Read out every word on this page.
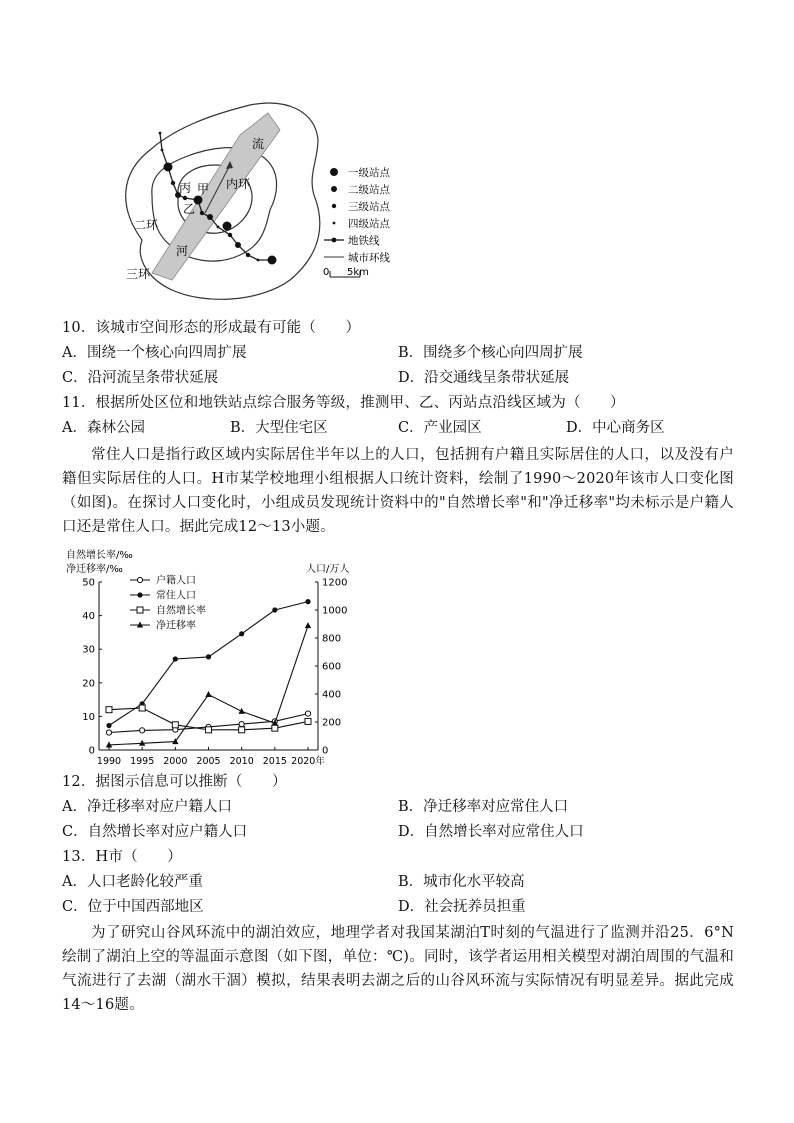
流
河
内环
二环
三环
甲
乙
丙
一级站点
二级站点
三级站点
四级站点
地铁线
城市环线
0 5km
10．该城市空间形态的形成最有可能（　　）
A．围绕一个核心向四周扩展	B．围绕多个核心向四周扩展
C．沿河流呈条带状延展	D．沿交通线呈条带状延展
11．根据所处区位和地铁站点综合服务等级，推测甲、乙、丙站点沿线区域为（　　）
A．森林公园	B．大型住宅区	C．产业园区	D．中心商务区
常住人口是指行政区域内实际居住半年以上的人口，包括拥有户籍且实际居住的人口，以及没有户籍但实际居住的人口。H市某学校地理小组根据人口统计资料，绘制了1990～2020年该市人口变化图（如图)。在探讨人口变化时，小组成员发现统计资料中的"自然增长率"和"净迁移率"均未标示是户籍人口还是常住人口。据此完成12～13小题。
自然增长率/‰
净迁移率/‰	人口/万人
0
10
20
30
40
50
0
200
400
600
800
1000
1200
1990 1995 2000 2005 2010 2015 2020年
户籍人口
常住人口
自然增长率
净迁移率
12．据图示信息可以推断（　　）
A．净迁移率对应户籍人口	B．净迁移率对应常住人口
C．自然增长率对应户籍人口	D．自然增长率对应常住人口
13．H市（　　）
A．人口老龄化较严重	B．城市化水平较高
C．位于中国西部地区	D．社会抚养员担重
为了研究山谷风环流中的湖泊效应，地理学者对我国某湖泊T时刻的气温进行了监测并沿25．6°N绘制了湖泊上空的等温面示意图（如下图，单位：℃)。同时，该学者运用相关模型对湖泊周围的气温和气流进行了去湖（湖水干涸）模拟，结果表明去湖之后的山谷风环流与实际情况有明显差异。据此完成14～16题。
